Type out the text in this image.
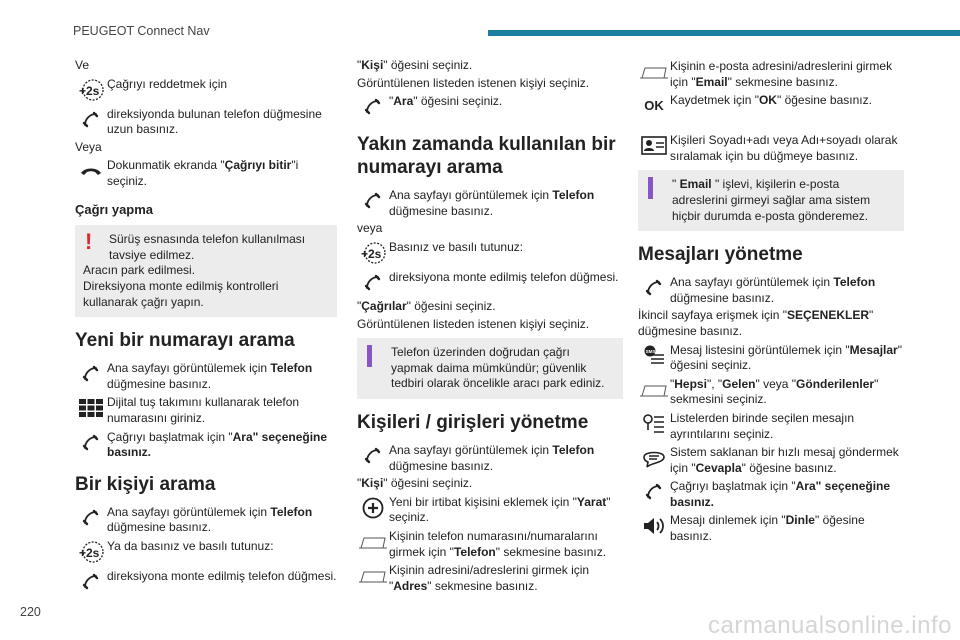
PEUGEOT Connect Nav
220	carmanualsonline.info

Ve

+2s Çağrıyı reddetmek için
direksiyonda bulunan telefon düğmesine uzun basınız.

Veya

Dokunmatik ekranda "Çağrıyı bitir"i seçiniz.
Çağrı yapma
!	Sürüş esnasında telefon kullanılması tavsiye edilmez.
Aracın park edilmesi.
Direksiyona monte edilmiş kontrolleri kullanarak çağrı yapın.
Yeni bir numarayı arama
Ana sayfayı görüntülemek için Telefon düğmesine basınız.
Dijital tuş takımını kullanarak telefon numarasını giriniz.
Çağrıyı başlatmak için "Ara" seçeneğine basınız.
Bir kişiyi arama
Ana sayfayı görüntülemek için Telefon düğmesine basınız.
+2s Ya da basınız ve basılı tutunuz:
direksiyona monte edilmiş telefon düğmesi.

"Kişi" öğesini seçiniz.

Görüntülenen listeden istenen kişiyi seçiniz.

"Ara" öğesini seçiniz.
Yakın zamanda kullanılan bir numarayı arama
Ana sayfayı görüntülemek için Telefon düğmesine basınız.

veya

+2s Basınız ve basılı tutunuz:
direksiyona monte edilmiş telefon düğmesi.

"Çağrılar" öğesini seçiniz.

Görüntülenen listeden istenen kişiyi seçiniz.

Telefon üzerinden doğrudan çağrı yapmak daima mümkündür; güvenlik tedbiri olarak öncelikle aracı park ediniz.
Kişileri / girişleri yönetme
Ana sayfayı görüntülemek için Telefon düğmesine basınız.

"Kişi" öğesini seçiniz.

Yeni bir irtibat kişisini eklemek için "Yarat" seçiniz.
Kişinin telefon numarasını/numaralarını girmek için "Telefon" sekmesine basınız.
Kişinin adresini/adreslerini girmek için "Adres" sekmesine basınız.
Kişinin e-posta adresini/adreslerini girmek için "Email" sekmesine basınız.
OK Kaydetmek için "OK" öğesine basınız.
Kişileri Soyadı+adı veya Adı+soyadı olarak sıralamak için bu düğmeye basınız.
" Email " işlevi, kişilerin e-posta adreslerini girmeyi sağlar ama sistem hiçbir durumda e-posta gönderemez.
Mesajları yönetme
Ana sayfayı görüntülemek için Telefon düğmesine basınız.

İkincil sayfaya erişmek için "SEÇENEKLER" düğmesine basınız.

SMS Mesaj listesini görüntülemek için "Mesajlar" öğesini seçiniz.
"Hepsi", "Gelen" veya "Gönderilenler" sekmesini seçiniz.
Listelerden birinde seçilen mesajın ayrıntılarını seçiniz.
Sistem saklanan bir hızlı mesaj göndermek için "Cevapla" öğesine basınız.
Çağrıyı başlatmak için "Ara" seçeneğine basınız.
Mesajı dinlemek için "Dinle" öğesine basınız.
